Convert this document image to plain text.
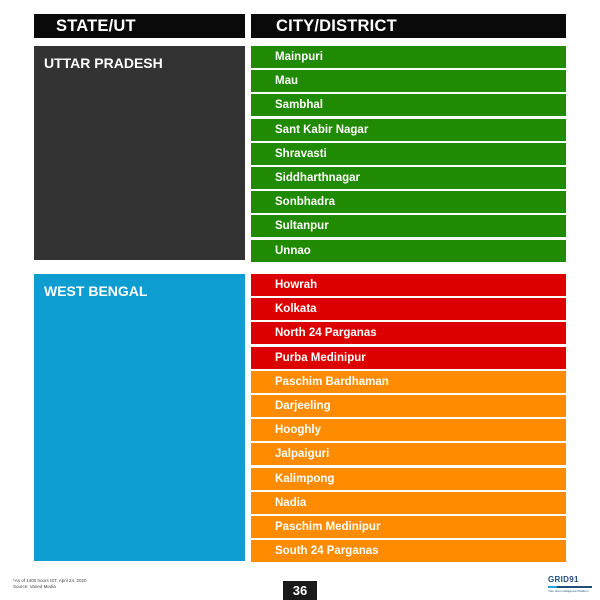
STATE/UT	CITY/DISTRICT
UTTAR PRADESH	Mainpuri
Mau
Sambhal
Sant Kabir Nagar
Shravasti
Siddharthnagar
Sonbhadra
Sultanpur
Unnao
WEST BENGAL	Howrah
Kolkata
North 24 Parganas
Purba Medinipur
Paschim Bardhaman
Darjeeling
Hooghly
Jalpaiguri
Kalimpong
Nadia
Paschim Medinipur
South 24 Parganas
*As of 1400 hours IST, April 24, 2020
Source: Varied Media	36
GRID91
Your Geo Intelligence Platform
